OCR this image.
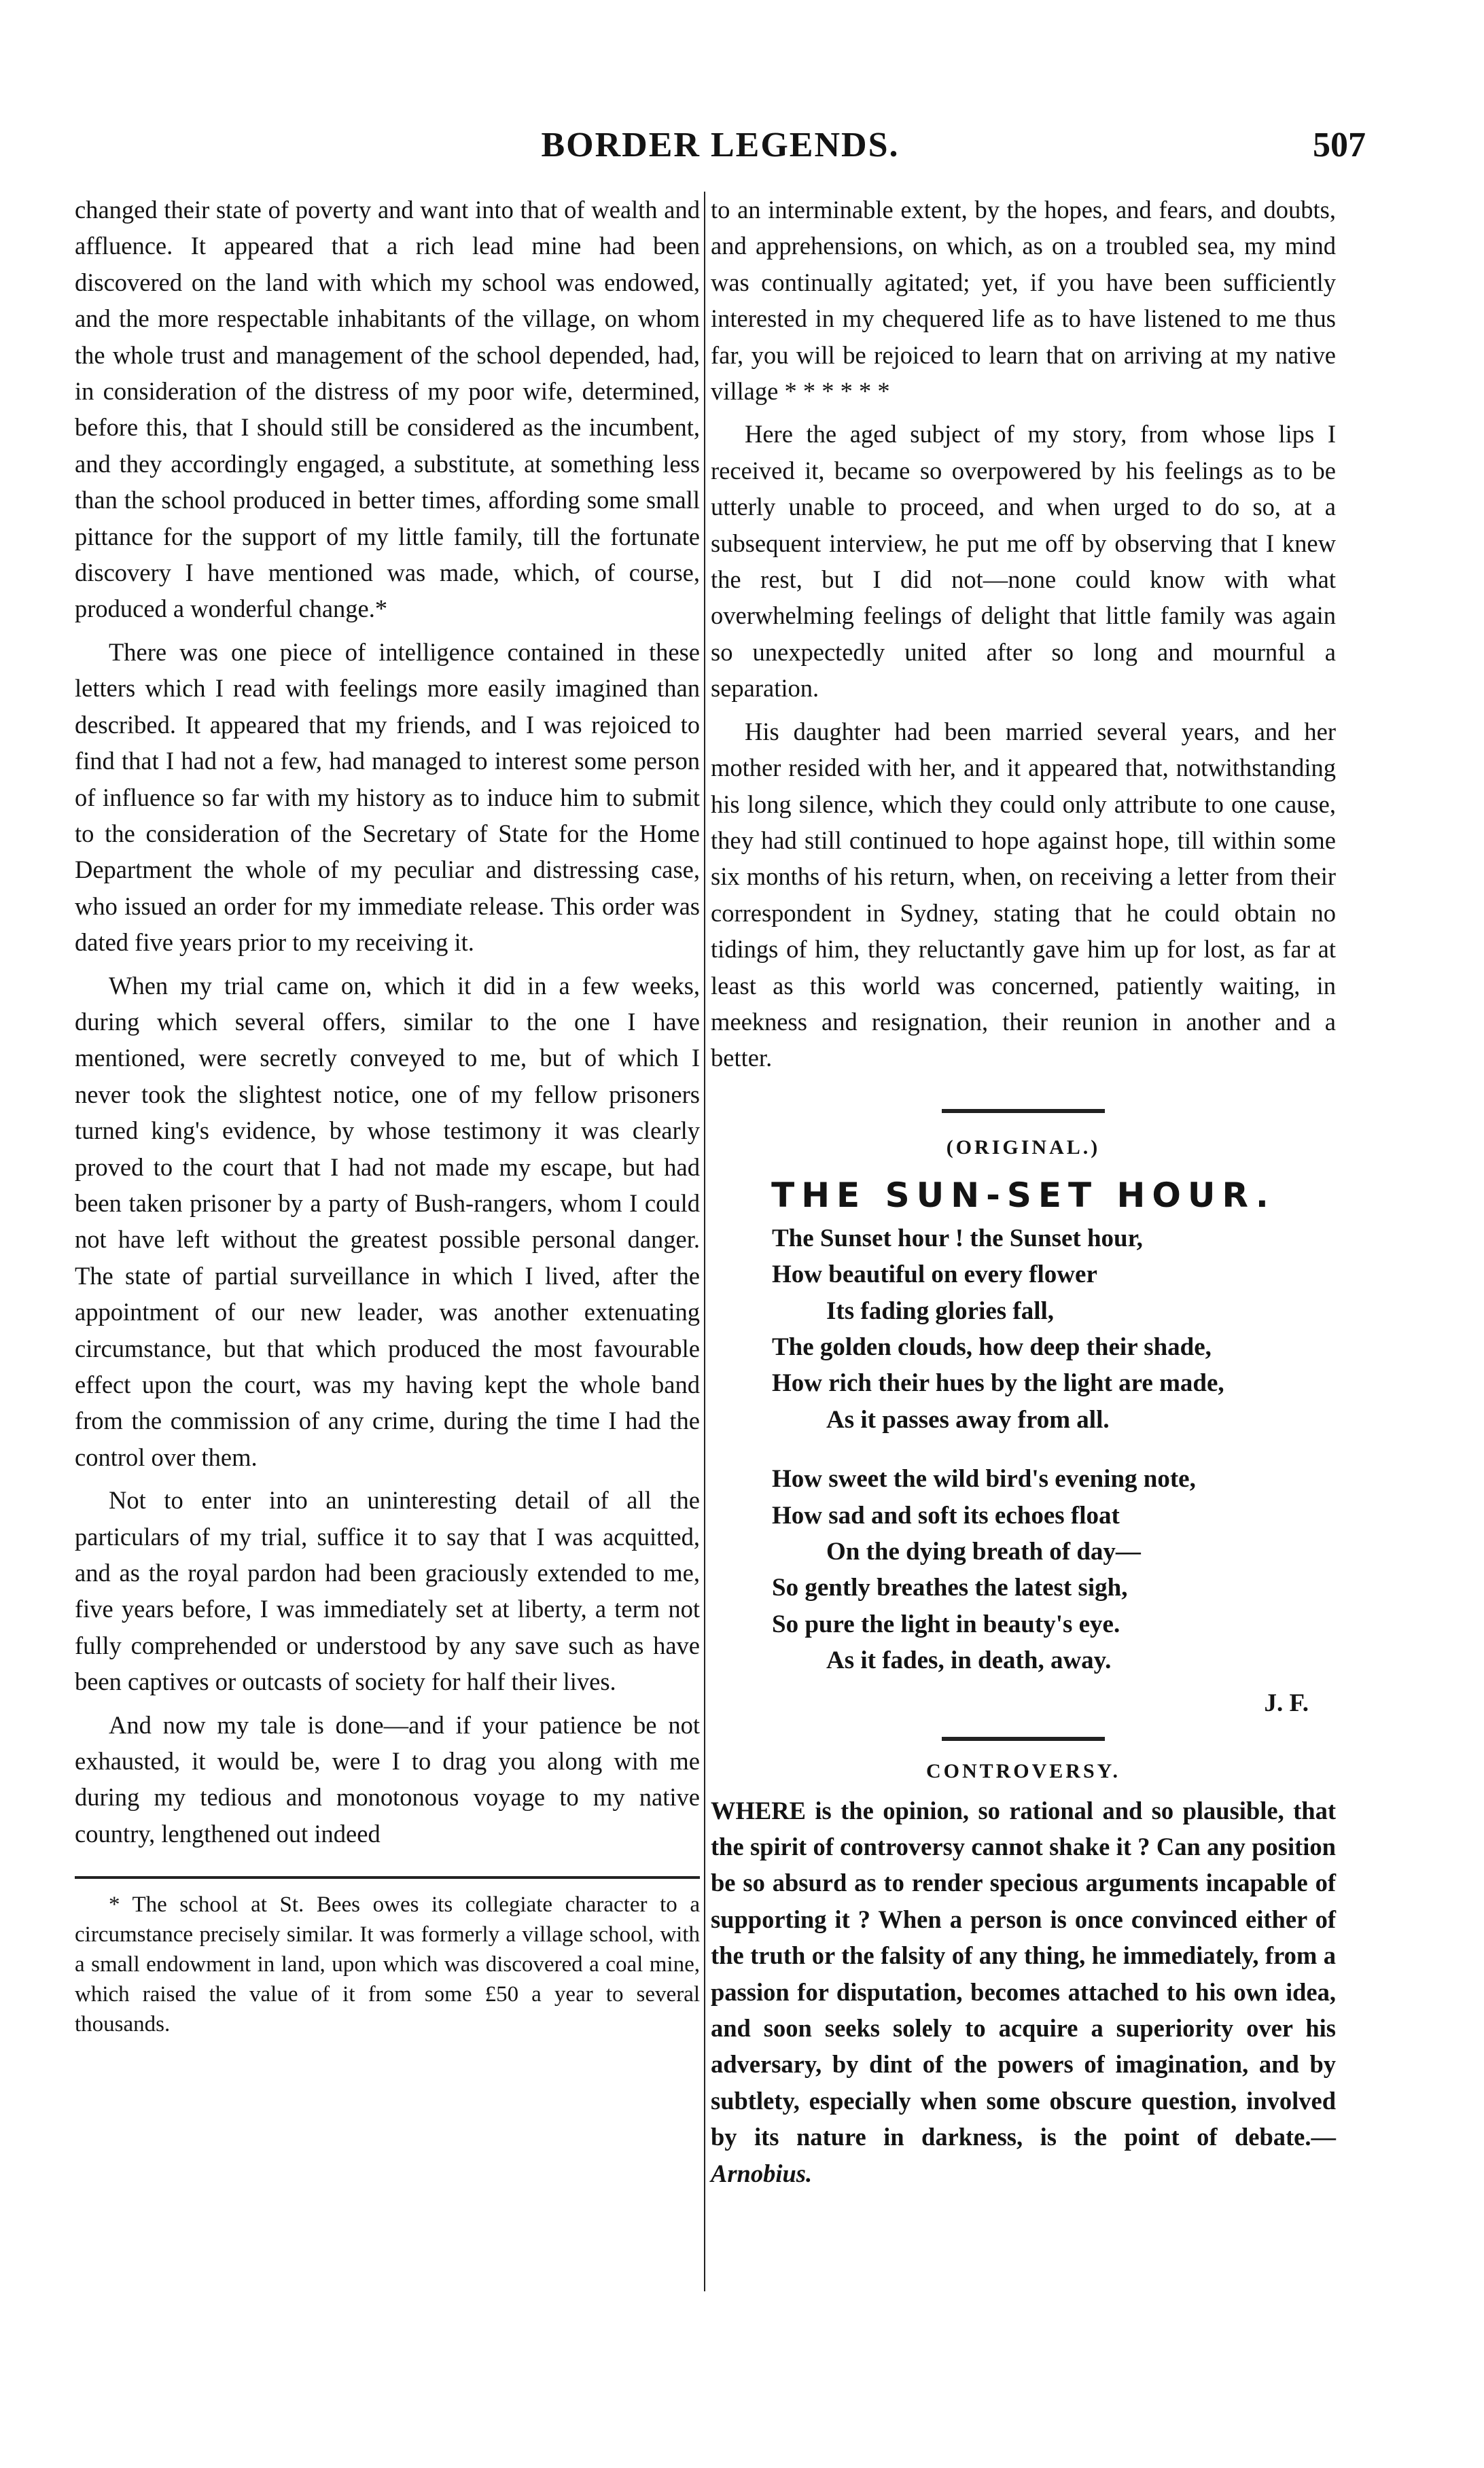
BORDER LEGENDS.	507

changed their state of poverty and want into that of wealth and affluence. It appeared that a rich lead mine had been discovered on the land with which my school was endowed, and the more respectable inhabitants of the village, on whom the whole trust and management of the school depended, had, in consideration of the distress of my poor wife, determined, before this, that I should still be considered as the incumbent, and they accordingly engaged, a substitute, at something less than the school produced in better times, affording some small pittance for the support of my little family, till the fortunate discovery I have mentioned was made, which, of course, produced a wonderful change.*

There was one piece of intelligence contained in these letters which I read with feelings more easily imagined than described. It appeared that my friends, and I was rejoiced to find that I had not a few, had managed to interest some person of influence so far with my history as to induce him to submit to the consideration of the Secretary of State for the Home Department the whole of my peculiar and distressing case, who issued an order for my immediate release. This order was dated five years prior to my receiving it.

When my trial came on, which it did in a few weeks, during which several offers, similar to the one I have mentioned, were secretly conveyed to me, but of which I never took the slightest notice, one of my fellow prisoners turned king's evidence, by whose testimony it was clearly proved to the court that I had not made my escape, but had been taken prisoner by a party of Bush-rangers, whom I could not have left without the greatest possible personal danger. The state of partial surveillance in which I lived, after the appointment of our new leader, was another extenuating circumstance, but that which produced the most favourable effect upon the court, was my having kept the whole band from the commission of any crime, during the time I had the control over them.

Not to enter into an uninteresting detail of all the particulars of my trial, suffice it to say that I was acquitted, and as the royal pardon had been graciously extended to me, five years before, I was immediately set at liberty, a term not fully comprehended or understood by any save such as have been captives or outcasts of society for half their lives.

And now my tale is done—and if your patience be not exhausted, it would be, were I to drag you along with me during my tedious and monotonous voyage to my native country, lengthened out indeed

* The school at St. Bees owes its collegiate character to a circumstance precisely similar. It was formerly a village school, with a small endowment in land, upon which was discovered a coal mine, which raised the value of it from some £50 a year to several thousands.

to an interminable extent, by the hopes, and fears, and doubts, and apprehensions, on which, as on a troubled sea, my mind was continually agitated; yet, if you have been sufficiently interested in my chequered life as to have listened to me thus far, you will be rejoiced to learn that on arriving at my native village * * * * * *

Here the aged subject of my story, from whose lips I received it, became so overpowered by his feelings as to be utterly unable to proceed, and when urged to do so, at a subsequent interview, he put me off by observing that I knew the rest, but I did not—none could know with what overwhelming feelings of delight that little family was again so unexpectedly united after so long and mournful a separation.

His daughter had been married several years, and her mother resided with her, and it appeared that, notwithstanding his long silence, which they could only attribute to one cause, they had still continued to hope against hope, till within some six months of his return, when, on receiving a letter from their correspondent in Sydney, stating that he could obtain no tidings of him, they reluctantly gave him up for lost, as far at least as this world was concerned, patiently waiting, in meekness and resignation, their reunion in another and a better.

(ORIGINAL.)
THE SUN-SET HOUR.
The Sunset hour ! the Sunset hour,
How beautiful on every flower
Its fading glories fall,
The golden clouds, how deep their shade,
How rich their hues by the light are made,
As it passes away from all.
How sweet the wild bird's evening note,
How sad and soft its echoes float
On the dying breath of day—
So gently breathes the latest sigh,
So pure the light in beauty's eye.
As it fades, in death, away.
J. F.
CONTROVERSY.

WHERE is the opinion, so rational and so plausible, that the spirit of controversy cannot shake it ? Can any position be so absurd as to render specious arguments incapable of supporting it ? When a person is once convinced either of the truth or the falsity of any thing, he immediately, from a passion for disputation, becomes attached to his own idea, and soon seeks solely to acquire a superiority over his adversary, by dint of the powers of imagination, and by subtlety, especially when some obscure question, involved by its nature in darkness, is the point of debate.—Arnobius.
